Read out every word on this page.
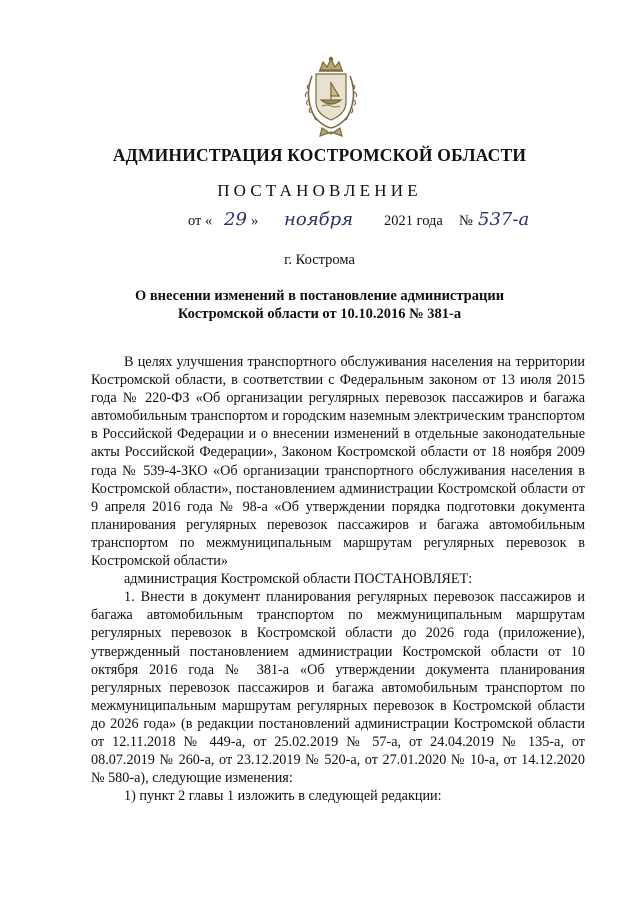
АДМИНИСТРАЦИЯ КОСТРОМСКОЙ ОБЛАСТИ
ПОСТАНОВЛЕНИЕ
от « 29 » ноября 2021 года № 537-а
г. Кострома
О внесении изменений в постановление администрации
Костромской области от 10.10.2016 № 381-а

В целях улучшения транспортного обслуживания населения на территории Костромской области, в соответствии с Федеральным законом от 13 июля 2015 года № 220-ФЗ «Об организации регулярных перевозок пассажиров и багажа автомобильным транспортом и городским наземным электрическим транспортом в Российской Федерации и о внесении изменений в отдельные законодательные акты Российской Федерации», Законом Костромской области от 18 ноября 2009 года № 539-4-ЗКО «Об организации транспортного обслуживания населения в Костромской области», постановлением администрации Костромской области от 9 апреля 2016 года № 98-а «Об утверждении порядка подготовки документа планирования регулярных перевозок пассажиров и багажа автомобильным транспортом по межмуниципальным маршрутам регулярных перевозок в Костромской области»

администрация Костромской области ПОСТАНОВЛЯЕТ:

1. Внести в документ планирования регулярных перевозок пассажиров и багажа автомобильным транспортом по межмуниципальным маршрутам регулярных перевозок в Костромской области до 2026 года (приложение), утвержденный постановлением администрации Костромской области от 10 октября 2016 года № 381-а «Об утверждении документа планирования регулярных перевозок пассажиров и багажа автомобильным транспортом по межмуниципальным маршрутам регулярных перевозок в Костромской области до 2026 года» (в редакции постановлений администрации Костромской области от 12.11.2018 № 449-а, от 25.02.2019 № 57-а, от 24.04.2019 № 135-а, от 08.07.2019 № 260-а, от 23.12.2019 № 520-а, от 27.01.2020 № 10-а, от 14.12.2020 № 580-а), следующие изменения:

1) пункт 2 главы 1 изложить в следующей редакции:
